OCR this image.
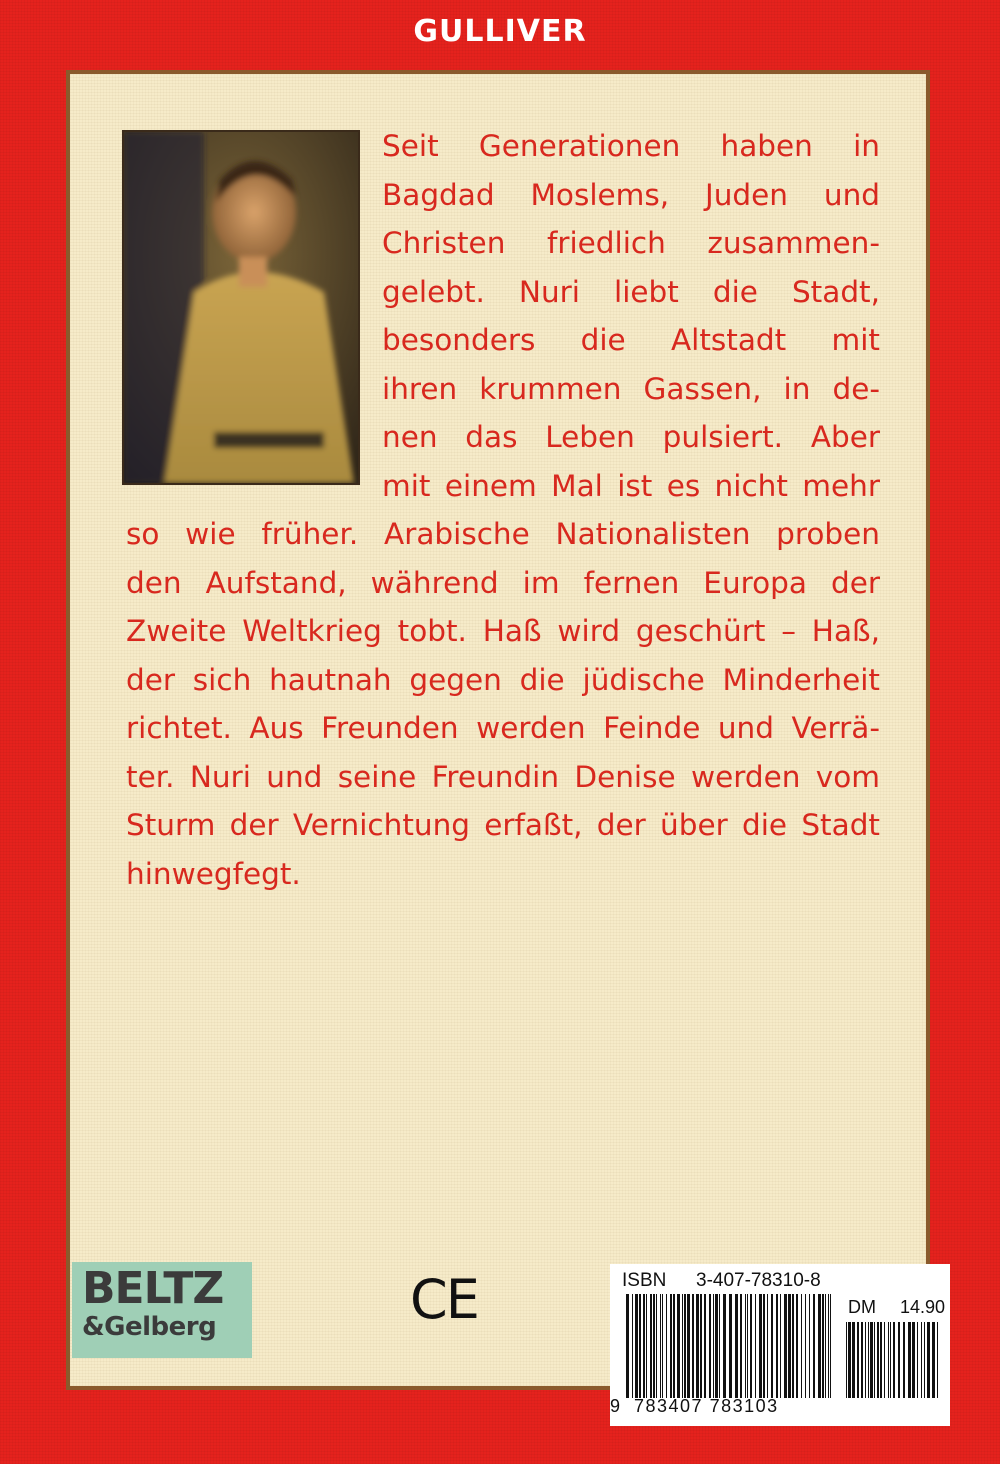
GULLIVER
Seit Generationen haben in
Bagdad Moslems, Juden und
Christen friedlich zusammen-
gelebt. Nuri liebt die Stadt,
besonders die Altstadt mit
ihren krummen Gassen, in de-
nen das Leben pulsiert. Aber
mit einem Mal ist es nicht mehr
so wie früher. Arabische Nationalisten proben
den Aufstand, während im fernen Europa der
Zweite Weltkrieg tobt. Haß wird geschürt – Haß,
der sich hautnah gegen die jüdische Minderheit
richtet. Aus Freunden werden Feinde und Verrä-
ter. Nuri und seine Freundin Denise werden vom
Sturm der Vernichtung erfaßt, der über die Stadt
hinwegfegt.
ISBN 3-407-78310-8
DM 14.90
9 783407 783103
BELTZ
&Gelberg	CE
